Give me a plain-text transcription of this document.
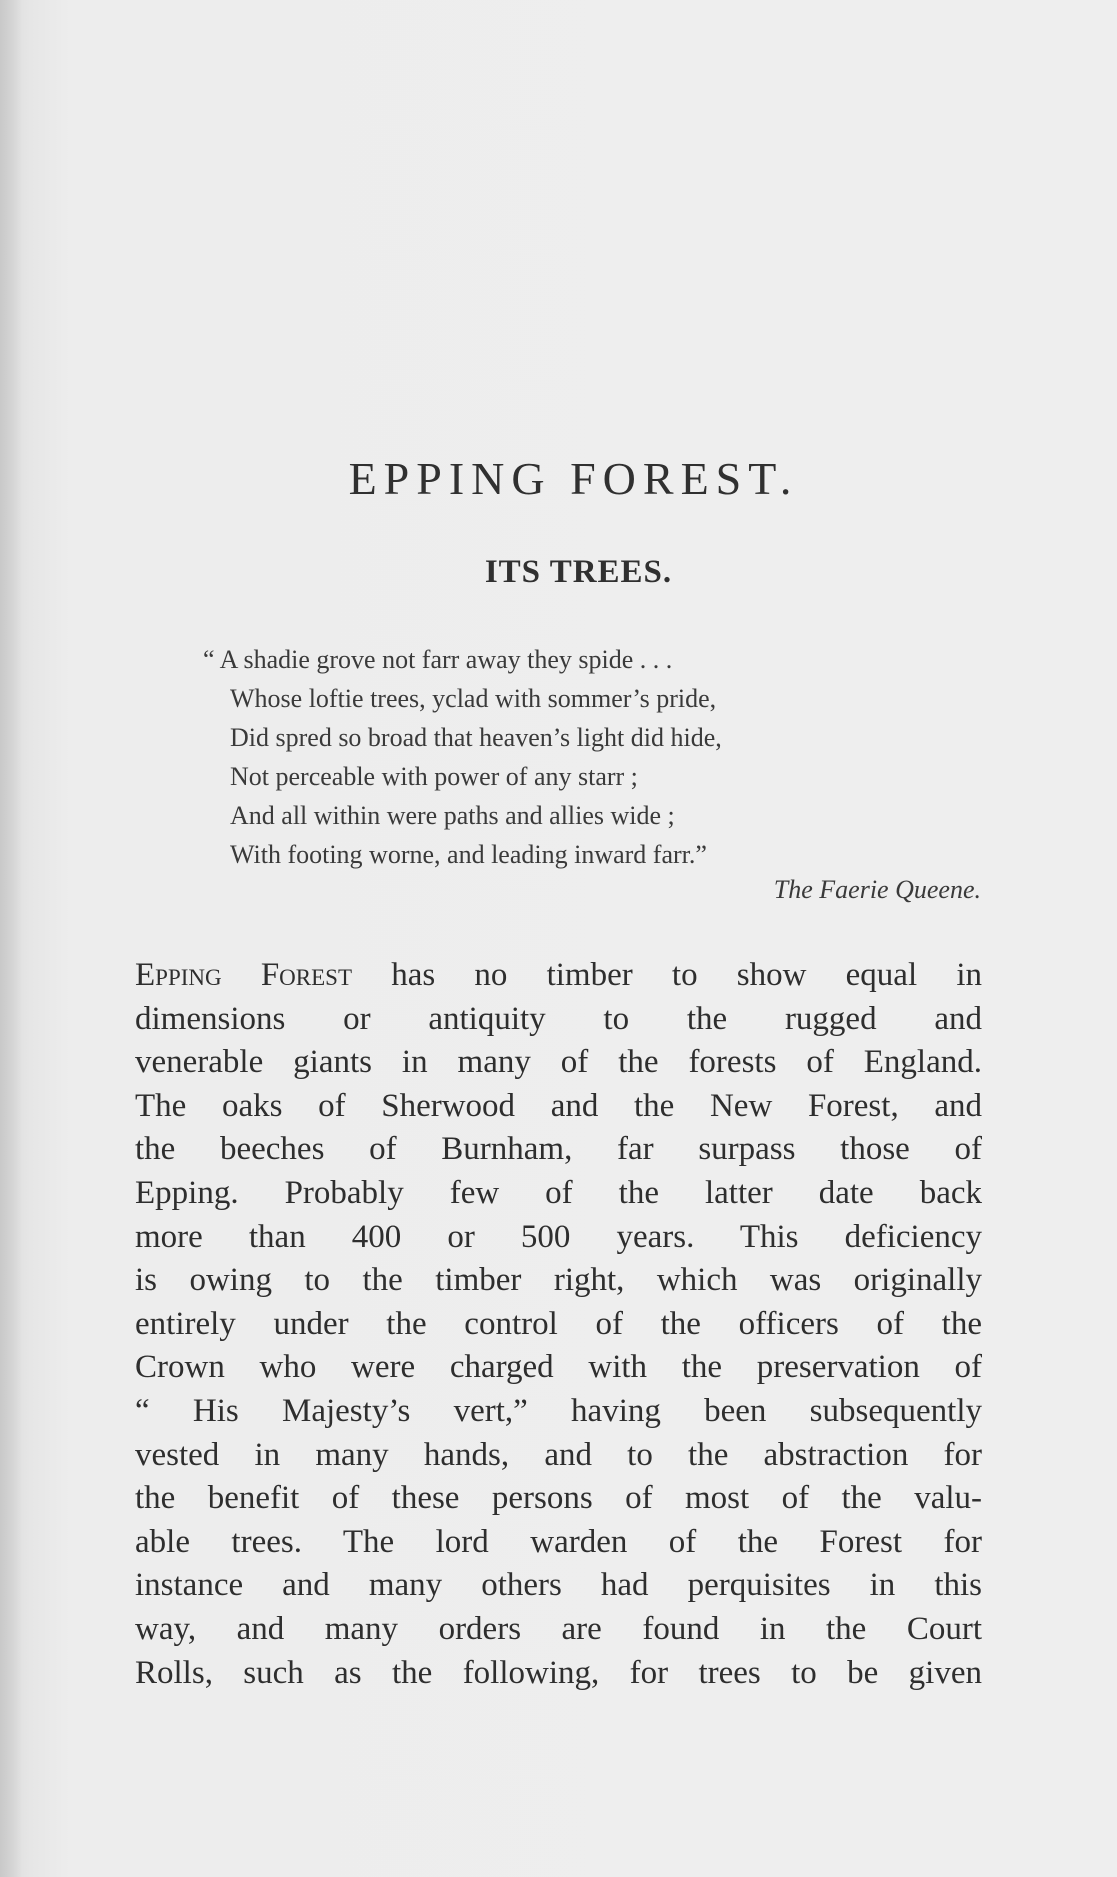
EPPING FOREST.
ITS TREES.
“ A shadie grove not farr away they spide . . .
Whose loftie trees, yclad with sommer’s pride,
Did spred so broad that heaven’s light did hide,
Not perceable with power of any starr ;
And all within were paths and allies wide ;
With footing worne, and leading inward farr.”
The Faerie Queene.
Epping Forest has no timber to show equal in
dimensions or antiquity to the rugged and
venerable giants in many of the forests of England.
The oaks of Sherwood and the New Forest, and
the beeches of Burnham, far surpass those of
Epping. Probably few of the latter date back
more than 400 or 500 years. This deficiency
is owing to the timber right, which was originally
entirely under the control of the officers of the
Crown who were charged with the preservation of
“ His Majesty’s vert,” having been subsequently
vested in many hands, and to the abstraction for
the benefit of these persons of most of the valu-
able trees. The lord warden of the Forest for
instance and many others had perquisites in this
way, and many orders are found in the Court
Rolls, such as the following, for trees to be given
